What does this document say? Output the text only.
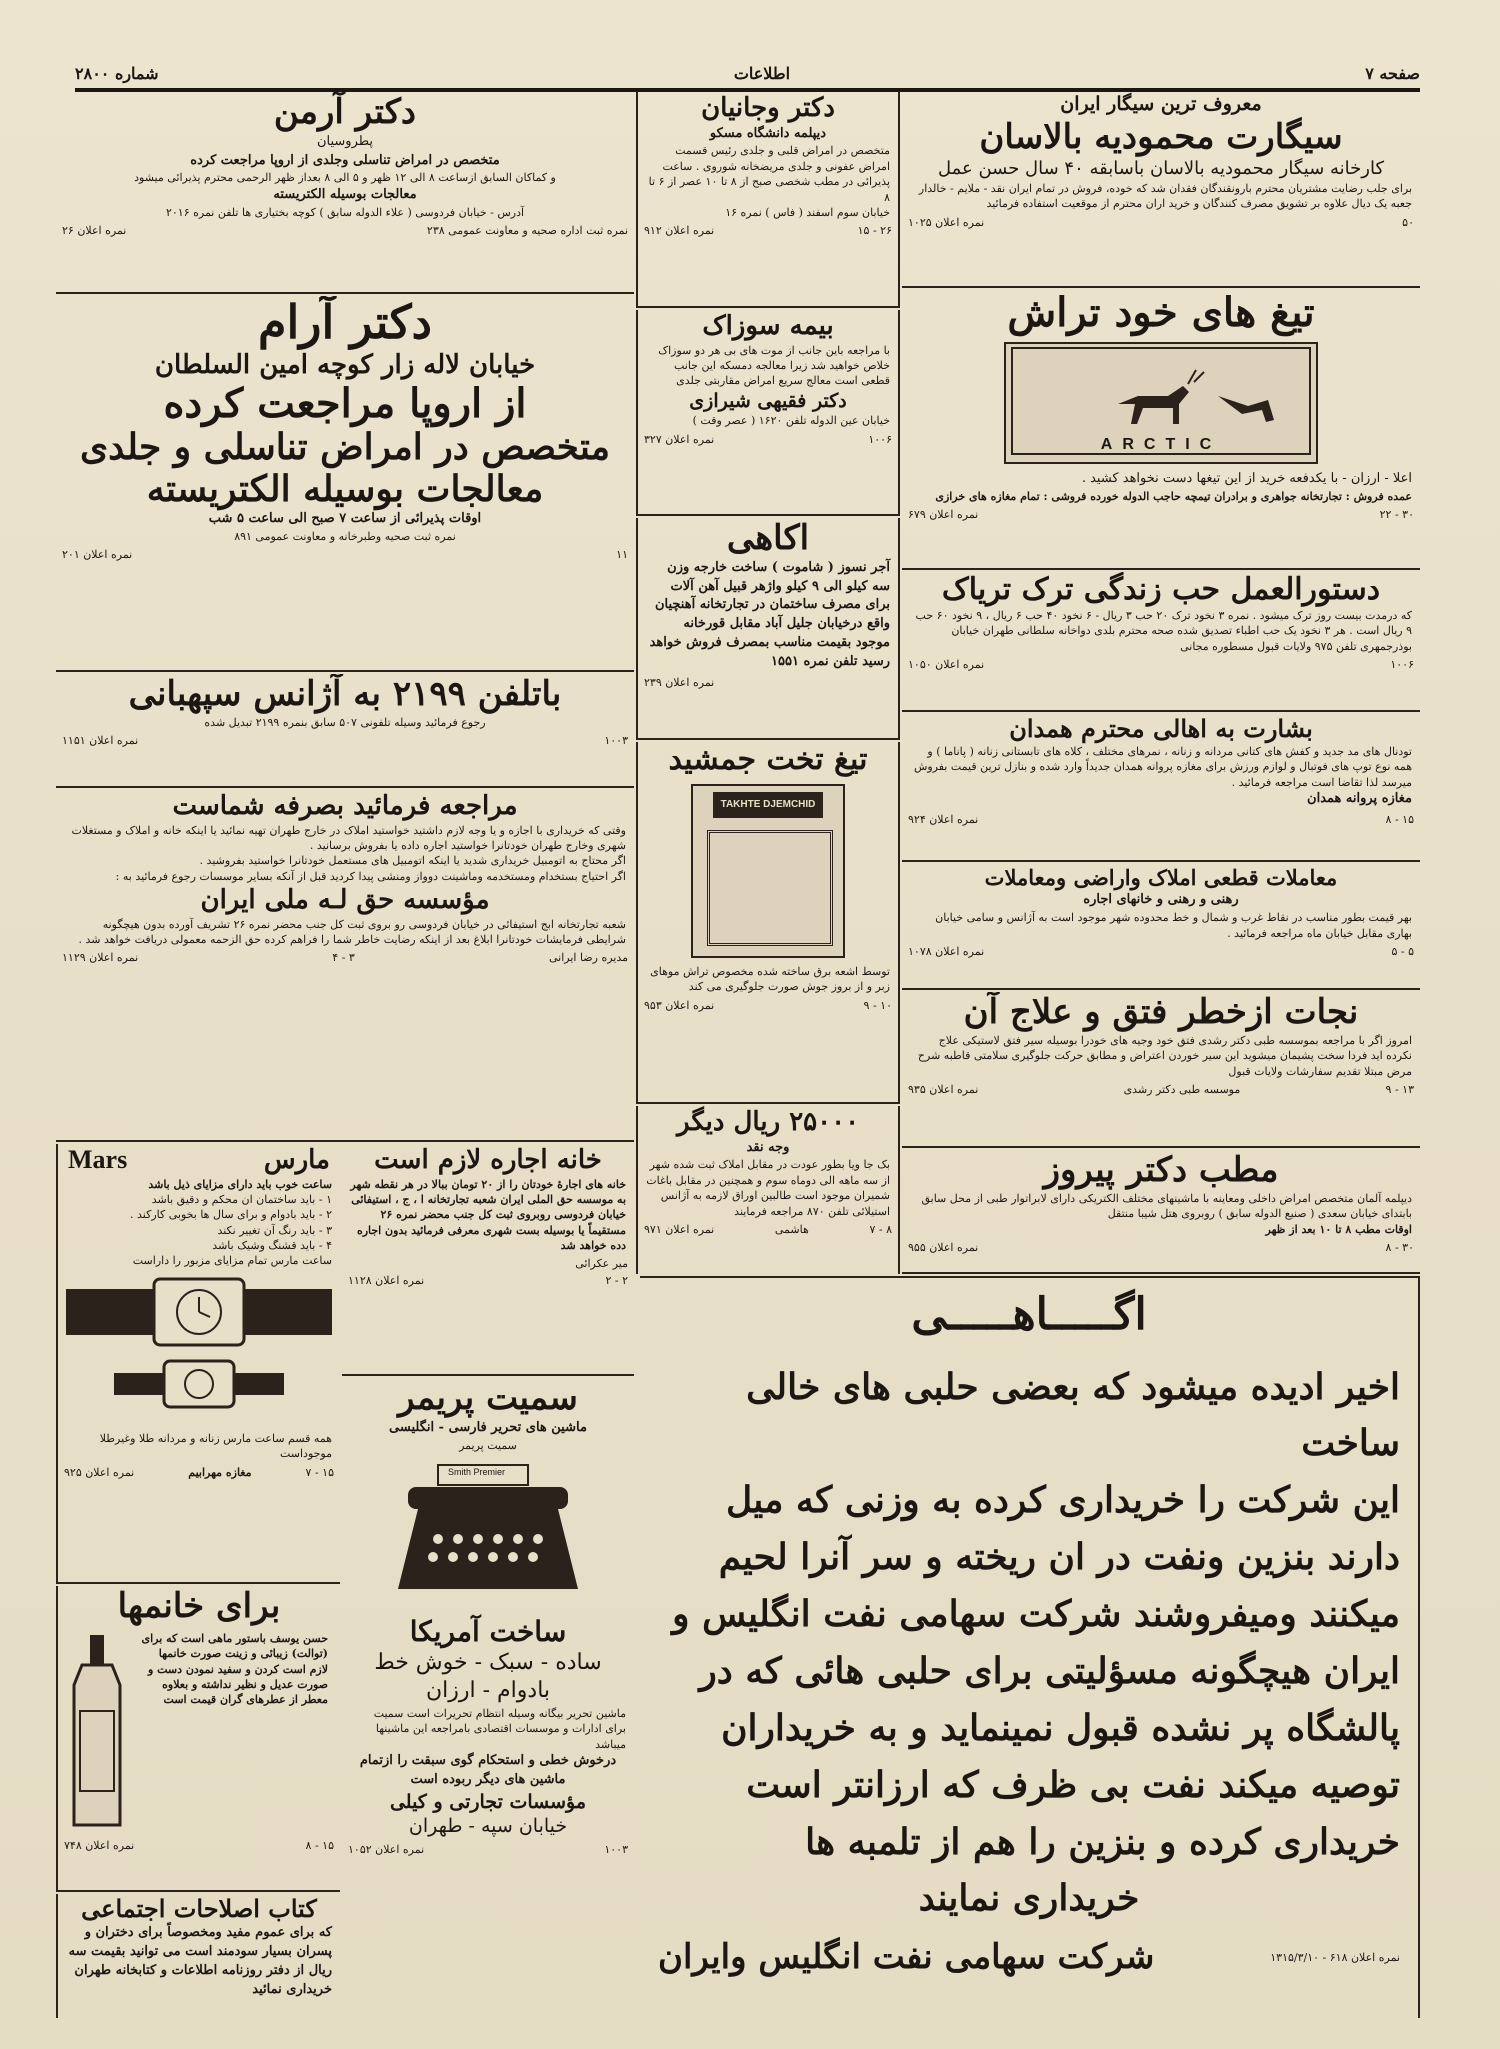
صفحه ۷
اطلاعات
شماره ۲۸۰۰
معروف ترین سیگار ایران
سیگارت محمودیه بالاسان
کارخانه سیگار محمودیه بالاسان باسابقه ۴۰ سال حسن عمل
برای جلب رضایت مشتریان محترم بارونقندگان فقدان شد که خوده، فروش در تمام ایران نقد - ملایم - خالدار جعبه یک دیال علاوه بر تشویق مصرف کنندگان و خرید اران محترم از موقعیت استفاده فرمائید
۵۰
نمره اعلان ۱۰۲۵
تیغ های خود تراش
ARCTIC
اعلا - ارزان - با یکدفعه خرید از این تیغها دست نخواهد کشید .
عمده فروش : تجارتخانه جواهری و برادران تیمچه حاجب الدوله خورده فروشی : تمام مغازه های خرازی
۳۰ - ۲۲
نمره اعلان ۶۷۹
دستورالعمل حب زندگی ترک تریاک
که درمدت بیست روز ترک میشود . نمره ۳ نخود ترک ۲۰ حب ۳ ریال - ۶ نخود ۴۰ حب ۶ ریال ، ۹ نخود ۶۰ حب ۹ ریال است . هر ۳ نخود یک حب اطباء تصدیق شده صحه محترم بلدی دواخانه سلطانی طهران خیابان بوذرجمهری تلفن ۹۷۵ ولایات قبول مسطوره مجانی
۱۰۰۶
نمره اعلان ۱۰۵۰
بشارت به اهالی محترم همدان
تودنال های مد جدید و کفش های کتانی مردانه و زنانه ، نمرهای مختلف ، کلاه های تابستانی زنانه ( پاناما ) و همه نوع توپ های فوتبال و لوازم ورزش برای مغازه پروانه همدان جدیداً وارد شده و بنازل ترین قیمت بفروش میرسد لذا تقاضا است مراجعه فرمائید .
مغازه پروانه همدان
۱۵ - ۸
نمره اعلان ۹۲۴
معاملات قطعی املاک واراضی ومعاملات
رهنی و رهنی و خانهای اجاره
بهر قیمت بطور مناسب در نقاط غرب و شمال و خط محدوده شهر موجود است به آژانس و سامی خیابان بهاری مقابل خیابان ماه مراجعه فرمائید .
۵ - ۵
نمره اعلان ۱۰۷۸
نجات ازخطر فتق و علاج آن
امروز اگر با مراجعه بموسسه طبی دکتر رشدی فتق خود وجیه های خودرا بوسیله سیر فتق لاستیکی علاج نکرده اید فردا سخت پشیمان میشوید این سیر خوردن اعتراض و مطابق حرکت جلوگیری سلامتی قاطبه شرح مرض مبتلا تقدیم سفارشات ولایات قبول
۱۳ - ۹
موسسه طبی دکتر رشدی
نمره اعلان ۹۳۵
مطب دکتر پیروز
دیپلمه آلمان متخصص امراض داخلی ومعاینه با ماشینهای مختلف الکتریکی دارای لابراتوار طبی از محل سابق بابتدای خیابان سعدی ( صنیع الدوله سابق ) روبروی هتل شیبا منتقل
اوقات مطب ۸ تا ۱۰ بعد از ظهر
۳۰ - ۸
نمره اعلان ۹۵۵
دکتر وجانیان
دیپلمه دانشگاه مسکو
متخصص در امراض قلبی و جلدی رئیس قسمت امراض عفونی و جلدی مریضخانه شوروی . ساعت پذیرائی در مطب شخصی صبح از ۸ تا ۱۰ عصر از ۶ تا ۸
خیابان سوم اسفند ( فاس ) نمره ۱۶
۲۶ - ۱۵
نمره اعلان ۹۱۲
بیمه سوزاک
با مراجعه باین جانب از موت های بی هر دو سوزاک خلاص خواهید شد زیرا معالجه دمسکه این جانب قطعی است معالج سریع امراض مقاربتی جلدی
دکتر فقیهی شیرازی
خیابان عین الدوله تلفن ۱۶۲۰ ( عصر وقت )
۱۰۰۶
نمره اعلان ۳۲۷
اکاهی
آجر نسوز ( شاموت ) ساخت خارجه وزن سه کیلو الی ۹ کیلو واژهر قبیل آهن آلات برای مصرف ساختمان در تجارتخانه آهنچیان واقع درخیابان جلیل آباد مقابل قورخانه موجود بقیمت مناسب بمصرف فروش خواهد رسید تلفن نمره ۱۵۵۱
نمره اعلان ۲۳۹
تیغ تخت جمشید
TAKHTE DJEMCHID
توسط اشعه برق ساخته شده مخصوص تراش موهای زبر و از بروز جوش صورت جلوگیری می کند
۱۰ - ۹
نمره اعلان ۹۵۳
۲۵۰۰۰ ریال دیگر
وجه نقد
بک جا ویا بطور عودت در مقابل املاک ثبت شده شهر از سه ماهه الی دوماه سوم و همچنین در مقابل باغات شمیران موجود است طالبین اوراق لازمه به آژانس استیلائی تلفن ۸۷۰ مراجعه فرمایند
۸ - ۷
هاشمی
نمره اعلان ۹۷۱
دکتر آرمن
پطروسیان
متخصص در امراض تناسلی وجلدی از اروپا مراجعت کرده
و کماکان السابق ازساعت ۸ الی ۱۲ ظهر و ۵ الی ۸ بعداز ظهر الرحمی محترم پذیرائی میشود
معالجات بوسیله الکتریسته
آدرس - خیابان فردوسی ( علاء الدوله سابق ) کوچه بختیاری ها تلفن نمره ۲۰۱۶
نمره ثبت اداره صحیه و معاونت عمومی ۲۳۸
نمره اعلان ۲۶
دکتر آرام
خیابان لاله زار کوچه امین السلطان
از اروپا مراجعت کرده
متخصص در امراض تناسلی و جلدی
معالجات بوسیله الکتریسته
اوقات پذیرائی از ساعت ۷ صبح الی ساعت ۵ شب
نمره ثبت صحیه وطبرخانه و معاونت عمومی ۸۹۱
۱۱
نمره اعلان ۲۰۱
باتلفن ۲۱۹۹ به آژانس سپهبانی
رجوع فرمائید وسیله تلفونی ۵۰۷ سابق بنمره ۲۱۹۹ تبدیل شده
۱۰۰۳
نمره اعلان ۱۱۵۱
مراجعه فرمائید بصرفه شماست
وقتی که خریداری با اجازه و یا وجه لازم داشتید خواستید املاک در خارج طهران تهیه نمائید یا اینکه خانه و املاک و مستغلات شهری وخارج طهران خودتانرا خواستید اجاره داده یا بفروش برسانید .
اگر محتاج به اتومبیل خریداری شدید یا اینکه اتومبیل های مستعمل خودتانرا خواستید بفروشید .
اگر احتیاج بستخدام ومستخدمه وماشینت دوواز ومنشی پیدا کردید قبل از آنکه بسایر موسسات رجوع فرمائید به :
مؤسسه حق لـه ملی ایران
شعبه تجارتخانه ابج استیفائی در خیابان فردوسی رو بروی ثبت کل جنب محضر نمره ۲۶ تشریف آورده بدون هیچگونه شرایطی فرمایشات خودتانرا ابلاغ بعد از اینکه رضایت خاطر شما را فراهم کرده حق الزحمه معمولی دریافت خواهد شد .
مدیره رضا ایرانی
۳ - ۴
نمره اعلان ۱۱۲۹
مارس
Mars
ساعت خوب باید دارای مزایای ذیل باشد
۱ - باید ساختمان ان محکم و دقیق باشد
۲ - باید بادوام و برای سال ها بخوبی کارکند .
۳ - باید رنگ آن تغییر نکند
۴ - باید قشنگ وشیک باشد
ساعت مارس تمام مزایای مزبور را داراست
همه قسم ساعت مارس زنانه و مردانه طلا وغیرطلا موجوداست
۱۵ - ۷
مغازه مهرابیم
نمره اعلان ۹۲۵
برای خانمها
حسن یوسف باستور ماهی است که برای (توالت) زیبائی و زینت صورت خانمها لازم است کردن و سفید نمودن دست و صورت عدیل و نظیر نداشته و بعلاوه معطر از عطرهای گران قیمت است
۱۵ - ۸
نمره اعلان ۷۴۸
کتاب اصلاحات اجتماعی
که برای عموم مفید ومخصوصاً برای دختران و پسران بسیار سودمند است می توانید بقیمت سه ریال از دفتر روزنامه اطلاعات و کتابخانه طهران خریداری نمائید
خانه اجاره لازم است
خانه های اجارۀ خودتان را از ۲۰ تومان ببالا در هر نقطه شهر به موسسه حق الملی ایران شعبه تجارتخانه ا ، ج ، استیفائی خیابان فردوسی روبروی ثبت کل جنب محضر نمره ۲۶ مستقیماً یا بوسیله بست شهری معرفی فرمائید بدون اجاره دده خواهد شد
میر عکرائی
۲ - ۲
نمره اعلان ۱۱۲۸
سمیت پریمر
ماشین های تحریر فارسی - انگلیسی
سمیت پریمر
Smith Premier
ساخت آمریکا
ساده - سبک - خوش خط
بادوام - ارزان
ماشین تحریر بیگانه وسیله انتظام تحریرات است سمیت برای ادارات و موسسات اقتصادی بامراجعه این ماشینها میباشد
درخوش خطی و استحکام گوی سبقت را ازتمام ماشین های دیگر ربوده است
مؤسسات تجارتی و کیلی
خیابان سپه - طهران
۱۰۰۳
نمره اعلان ۱۰۵۲
اگـــــاهـــــی
اخیر ادیده میشود که بعضی حلبی های خالی ساخت
این شرکت را خریداری کرده به وزنی که میل
دارند بنزین ونفت در ان ریخته و سر آنرا لحیم
میکنند ومیفروشند شرکت سهامی نفت انگلیس و
ایران هیچگونه مسؤلیتی برای حلبی هائی که در
پالشگاه پر نشده قبول نمینماید و به خریداران
توصیه میکند نفت بی ظرف که ارزانتر است
خریداری کرده و بنزین را هم از تلمبه ها
خریداری نمایند
شرکت سهامی نفت انگلیس وایران	نمره اعلان ۶۱۸ - ۱۳۱۵/۳/۱۰
